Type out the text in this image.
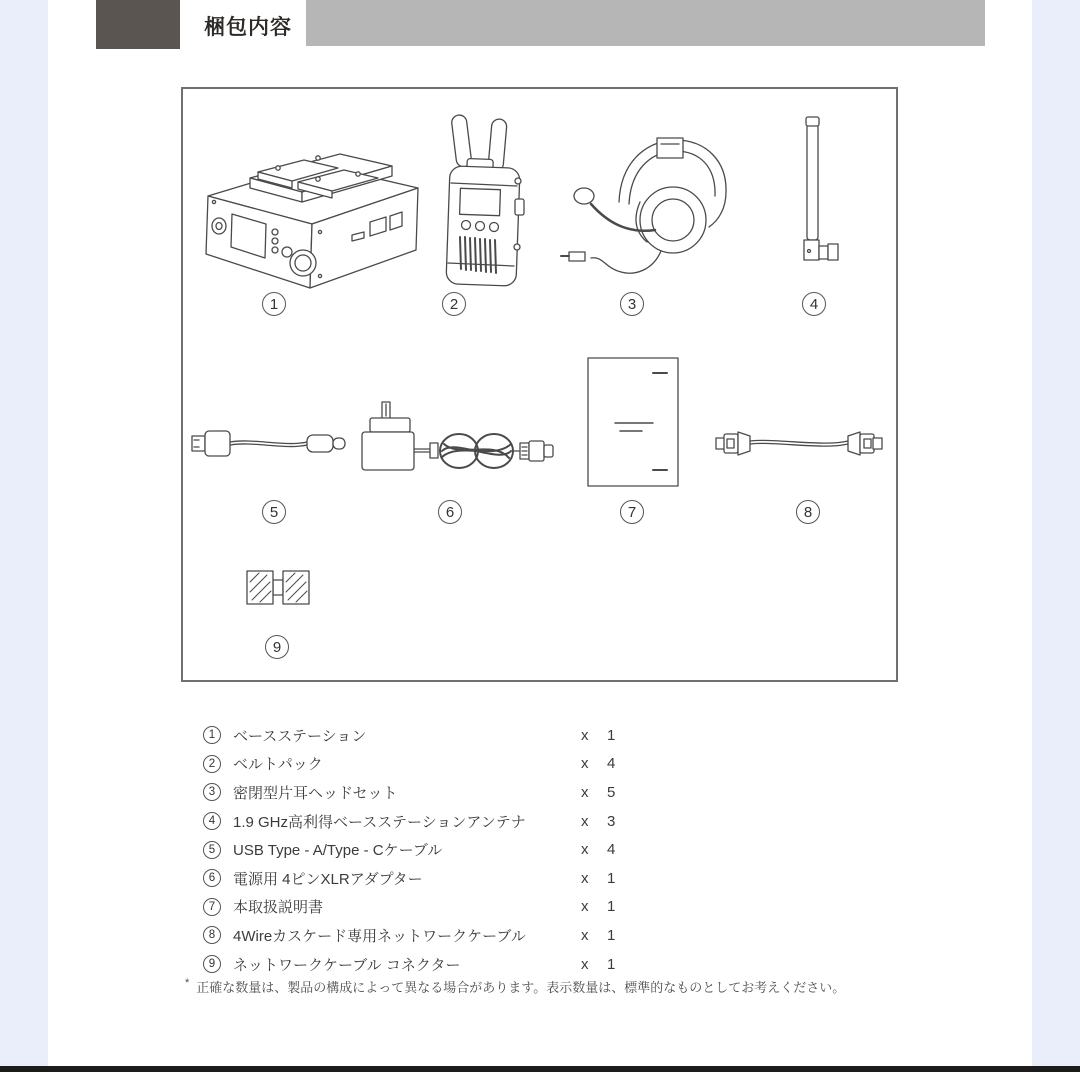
梱包内容
1	2	3	4
5	6	7	8
9
1	ベースステーション	x 1
2	ベルトパック	x 4
3	密閉型片耳ヘッドセット	x 5
4	1.9 GHz高利得ベースステーションアンテナ	x 3
5	USB Type - A/Type - Cケーブル	x 4
6	電源用 4ピンXLRアダプター	x 1
7	本取扱説明書	x 1
8	4Wireカスケード専用ネットワークケーブル	x 1
9	ネットワークケーブル コネクター	x 1
* 正確な数量は、製品の構成によって異なる場合があります。表示数量は、標準的なものとしてお考えください。
